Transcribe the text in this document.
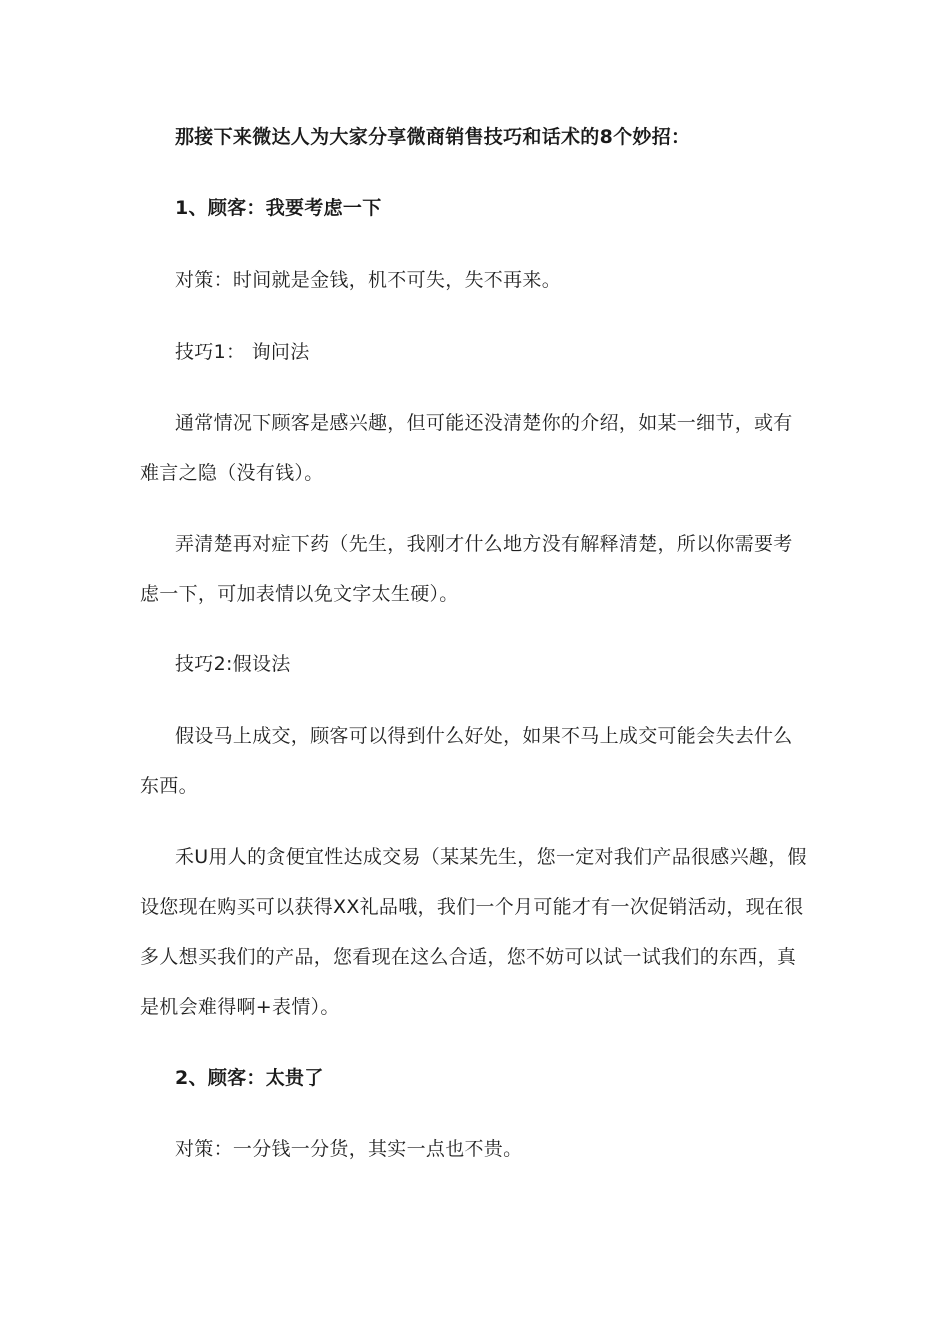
那接下来微达人为大家分享微商销售技巧和话术的8个妙招：

1、顾客：我要考虑一下

对策：时间就是金钱，机不可失，失不再来。

技巧1： 询问法

通常情况下顾客是感兴趣，但可能还没清楚你的介绍，如某一细节，或有难言之隐（没有钱）。

弄清楚再对症下药（先生，我刚才什么地方没有解释清楚，所以你需要考虑一下，可加表情以免文字太生硬）。

技巧2:假设法

假设马上成交，顾客可以得到什么好处，如果不马上成交可能会失去什么东西。

禾U用人的贪便宜性达成交易（某某先生，您一定对我们产品很感兴趣，假设您现在购买可以获得XX礼品哦，我们一个月可能才有一次促销活动，现在很多人想买我们的产品，您看现在这么合适，您不妨可以试一试我们的东西，真是机会难得啊+表情）。

2、顾客：太贵了

对策：一分钱一分货，其实一点也不贵。
